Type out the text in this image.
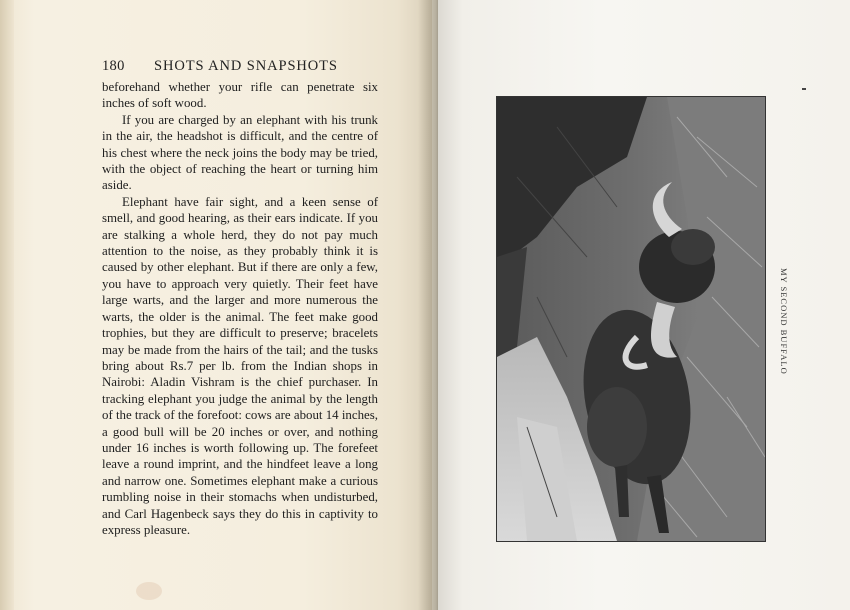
180 SHOTS AND SNAPSHOTS

beforehand whether your rifle can penetrate six inches of soft wood.

If you are charged by an elephant with his trunk in the air, the headshot is difficult, and the centre of his chest where the neck joins the body may be tried, with the object of reaching the heart or turning him aside.

Elephant have fair sight, and a keen sense of smell, and good hearing, as their ears indicate. If you are stalking a whole herd, they do not pay much attention to the noise, as they probably think it is caused by other elephant. But if there are only a few, you have to approach very quietly. Their feet have large warts, and the larger and more numerous the warts, the older is the animal. The feet make good trophies, but they are difficult to preserve; bracelets may be made from the hairs of the tail; and the tusks bring about Rs.7 per lb. from the Indian shops in Nairobi: Aladin Vishram is the chief purchaser. In tracking elephant you judge the animal by the length of the track of the forefoot: cows are about 14 inches, a good bull will be 20 inches or over, and nothing under 16 inches is worth following up. The forefeet leave a round imprint, and the hindfeet leave a long and narrow one. Sometimes elephant make a curious rumbling noise in their stomachs when undisturbed, and Carl Hagenbeck says they do this in captivity to express pleasure.

MY SECOND BUFFALO
